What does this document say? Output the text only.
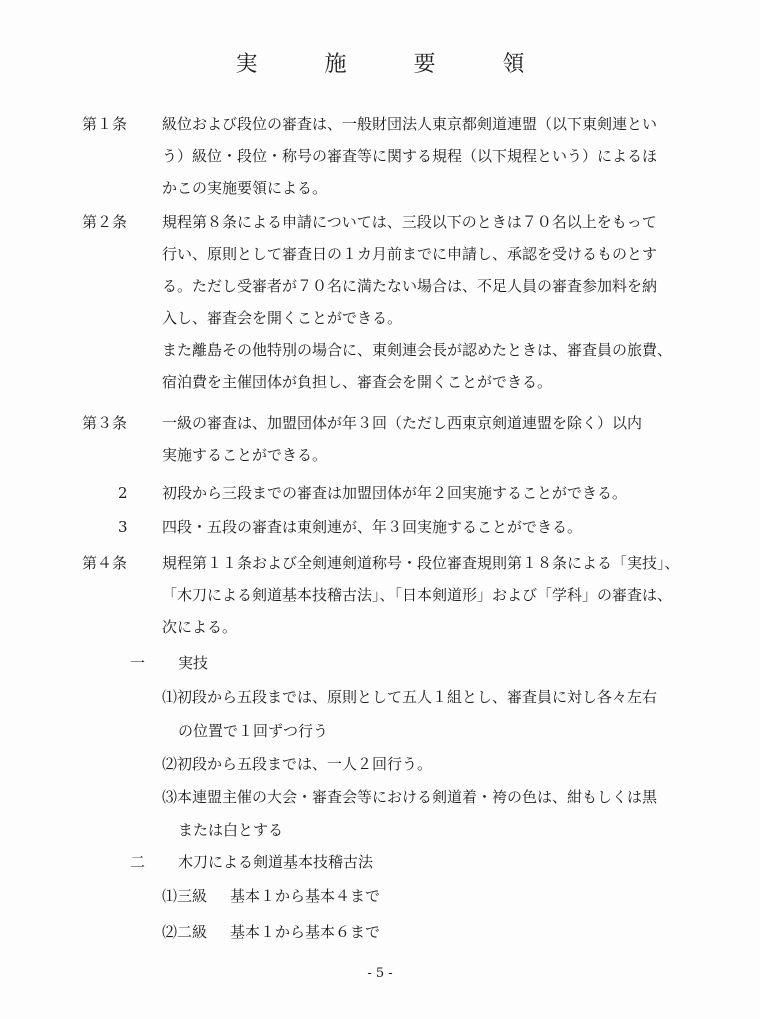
実 施 要 領
第１条 級位および段位の審査は、一般財団法人東京都剣道連盟（以下東剣連とい
う）級位・段位・称号の審査等に関する規程（以下規程という）によるほ
かこの実施要領による。
第２条 規程第８条による申請については、三段以下のときは７０名以上をもって
行い、原則として審査日の１カ月前までに申請し、承認を受けるものとす
る。ただし受審者が７０名に満たない場合は、不足人員の審査参加料を納
入し、審査会を開くことができる。
また離島その他特別の場合に、東剣連会長が認めたときは、審査員の旅費、
宿泊費を主催団体が負担し、審査会を開くことができる。
第３条 一級の審査は、加盟団体が年３回（ただし西東京剣道連盟を除く）以内
実施することができる。
2 初段から三段までの審査は加盟団体が年２回実施することができる。
3 四段・五段の審査は東剣連が、年３回実施することができる。
第４条 規程第１１条および全剣連剣道称号・段位審査規則第１８条による「実技」、
「木刀による剣道基本技稽古法」、「日本剣道形」および「学科」の審査は、
次による。
一 実技
⑴初段から五段までは、原則として五人１組とし、審査員に対し各々左右
の位置で１回ずつ行う
⑵初段から五段までは、一人２回行う。
⑶本連盟主催の大会・審査会等における剣道着・袴の色は、紺もしくは黒
または白とする
二 木刀による剣道基本技稽古法
⑴三級 基本１から基本４まで
⑵二級 基本１から基本６まで
- 5 -
